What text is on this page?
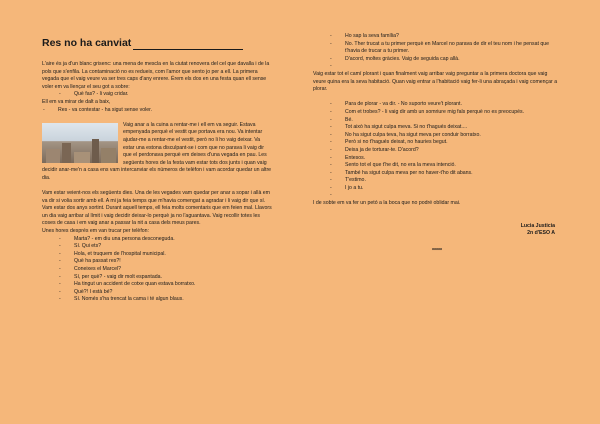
Res no ha canviat

L'aire és ja d'un blanc grisenc: una mena de mescla en la ciutat renovera del cel que davalla i de la pols que s'enfila. La contaminació no es redueix, com l'amor que sento jo per a ell. La primera vegada que el vaig veure va ser tres caps d'any enrere. Érem els dos en una festa quan ell sense voler em va llençar el seu got a sobre:

-	Què fas? - li vaig cridar.

Ell em va mirar de dalt a baix,

-	Res - va contestar - ha sigut sense voler.
Vaig anar a la cuina a rentar-me i ell em va seguir. Estava empenyada perquè el vestit que portava era nou. Va intentar ajudar-me a rentar-me el vestit, però no li ho vaig deixar. Va estar una estona disculpant-se i com que no parava li vaig dir que el perdonava perquè em deixes d'una vegada en pau. Les següents hores de la festa vam estar tots dos junts i quan vaig decidir anar-me'n a casa ens vam intercanviar els números de telèfon i vam acordar quedar un altre dia.

Vam estar veient-nos els següents dies. Una de les vegades vam quedar per anar a sopar i allà em va dir si volia sortir amb ell. A mi ja feia temps que m'havia comengat a agradar i li vaig dir que sí.

Vam estar dos anys sortint. Durant aquell temps, ell feia molts comentaris que em feien mal. Llavors un dia vaig arribar al límit i vaig decidir deixar-lo perquè ja no l'aguantava. Vaig recollir totes les coses de casa i em vaig anar a passar la nit a casa dels meus pares.

Unes hores després em van trucar per telèfon:

-	Marta? - em diu una persona desconeguda.
-	Sí. Qui ets?
-	Hola, et truquem de l'hospital municipal.
-	Què ha passat res?!
-	Coneixes el Marcel?
-	Sí, per què? - vaig dir molt espantada.
-	Ha tingut un accident de cotxe quan estava borratxo.
-	Què?! I està bé?
-	Sí. Només s'ha trencat la cama i té algun blaus.
-	Ho sap la seva família?
-	No. Ther trucat a tu primer perquè en Marcel no parava de dir el teu nom i he pensat que t'havia de trucar a tu primer.
-	D'acord, moltes gràcies. Vaig de seguida cap allà.
-

Vaig estar tot el camí plorant i quan finalment vaig arribar vaig preguntar a la primera doctora que vaig veure quina era la seva habitació. Quan vaig entrar a l'habitació vaig fer-li una abraçada i vaig començar a plorar.

-	Para de plorar - va dir. - No suporto veure't plorant.
-	Com et trobes? - li vaig dir amb un somriure mig fals perquè no es preocupés.
-	Bé.
-	Tot això ha sigut culpa meva. Si no t'hagués deixat....
-	No ha sigut culpa teva, ha sigut meva per conduir borratxo.
-	Però si no t'hagués deixat, no hauries begut.
-	Deixa ja de torturar-te. D'acord?
-	Entesos.
-	Sento tot el que t'he dit, no era la meva intenció.
-	També ha sigut culpa meva per no haver-t'ho dit abans.
-	T'estimo.
-	I jo a tu.
-

I de sobte em va fer un petó a la boca que no podré oblidar mai.

Lucia Justicia

2n d'ESO A

*****
